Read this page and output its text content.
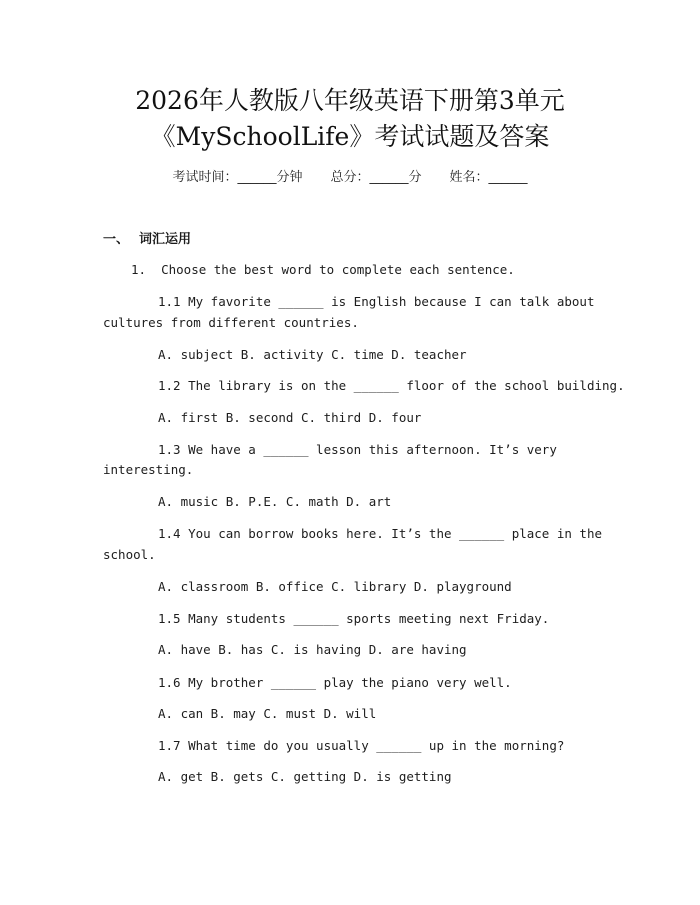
2026年人教版八年级英语下册第3单元
《MySchoolLife》考试试题及答案
考试时间：______分钟 总分：______分 姓名：______
一、 词汇运用
1.  Choose the best word to complete each sentence.
1.1 My favorite ______ is English because I can talk about
cultures from different countries.
A. subject B. activity C. time D. teacher
1.2 The library is on the ______ floor of the school building.
A. first B. second C. third D. four
1.3 We have a ______ lesson this afternoon. It’s very
interesting.
A. music B. P.E. C. math D. art
1.4 You can borrow books here. It’s the ______ place in the
school.
A. classroom B. office C. library D. playground
1.5 Many students ______ sports meeting next Friday.
A. have B. has C. is having D. are having
1.6 My brother ______ play the piano very well.
A. can B. may C. must D. will
1.7 What time do you usually ______ up in the morning?
A. get B. gets C. getting D. is getting
